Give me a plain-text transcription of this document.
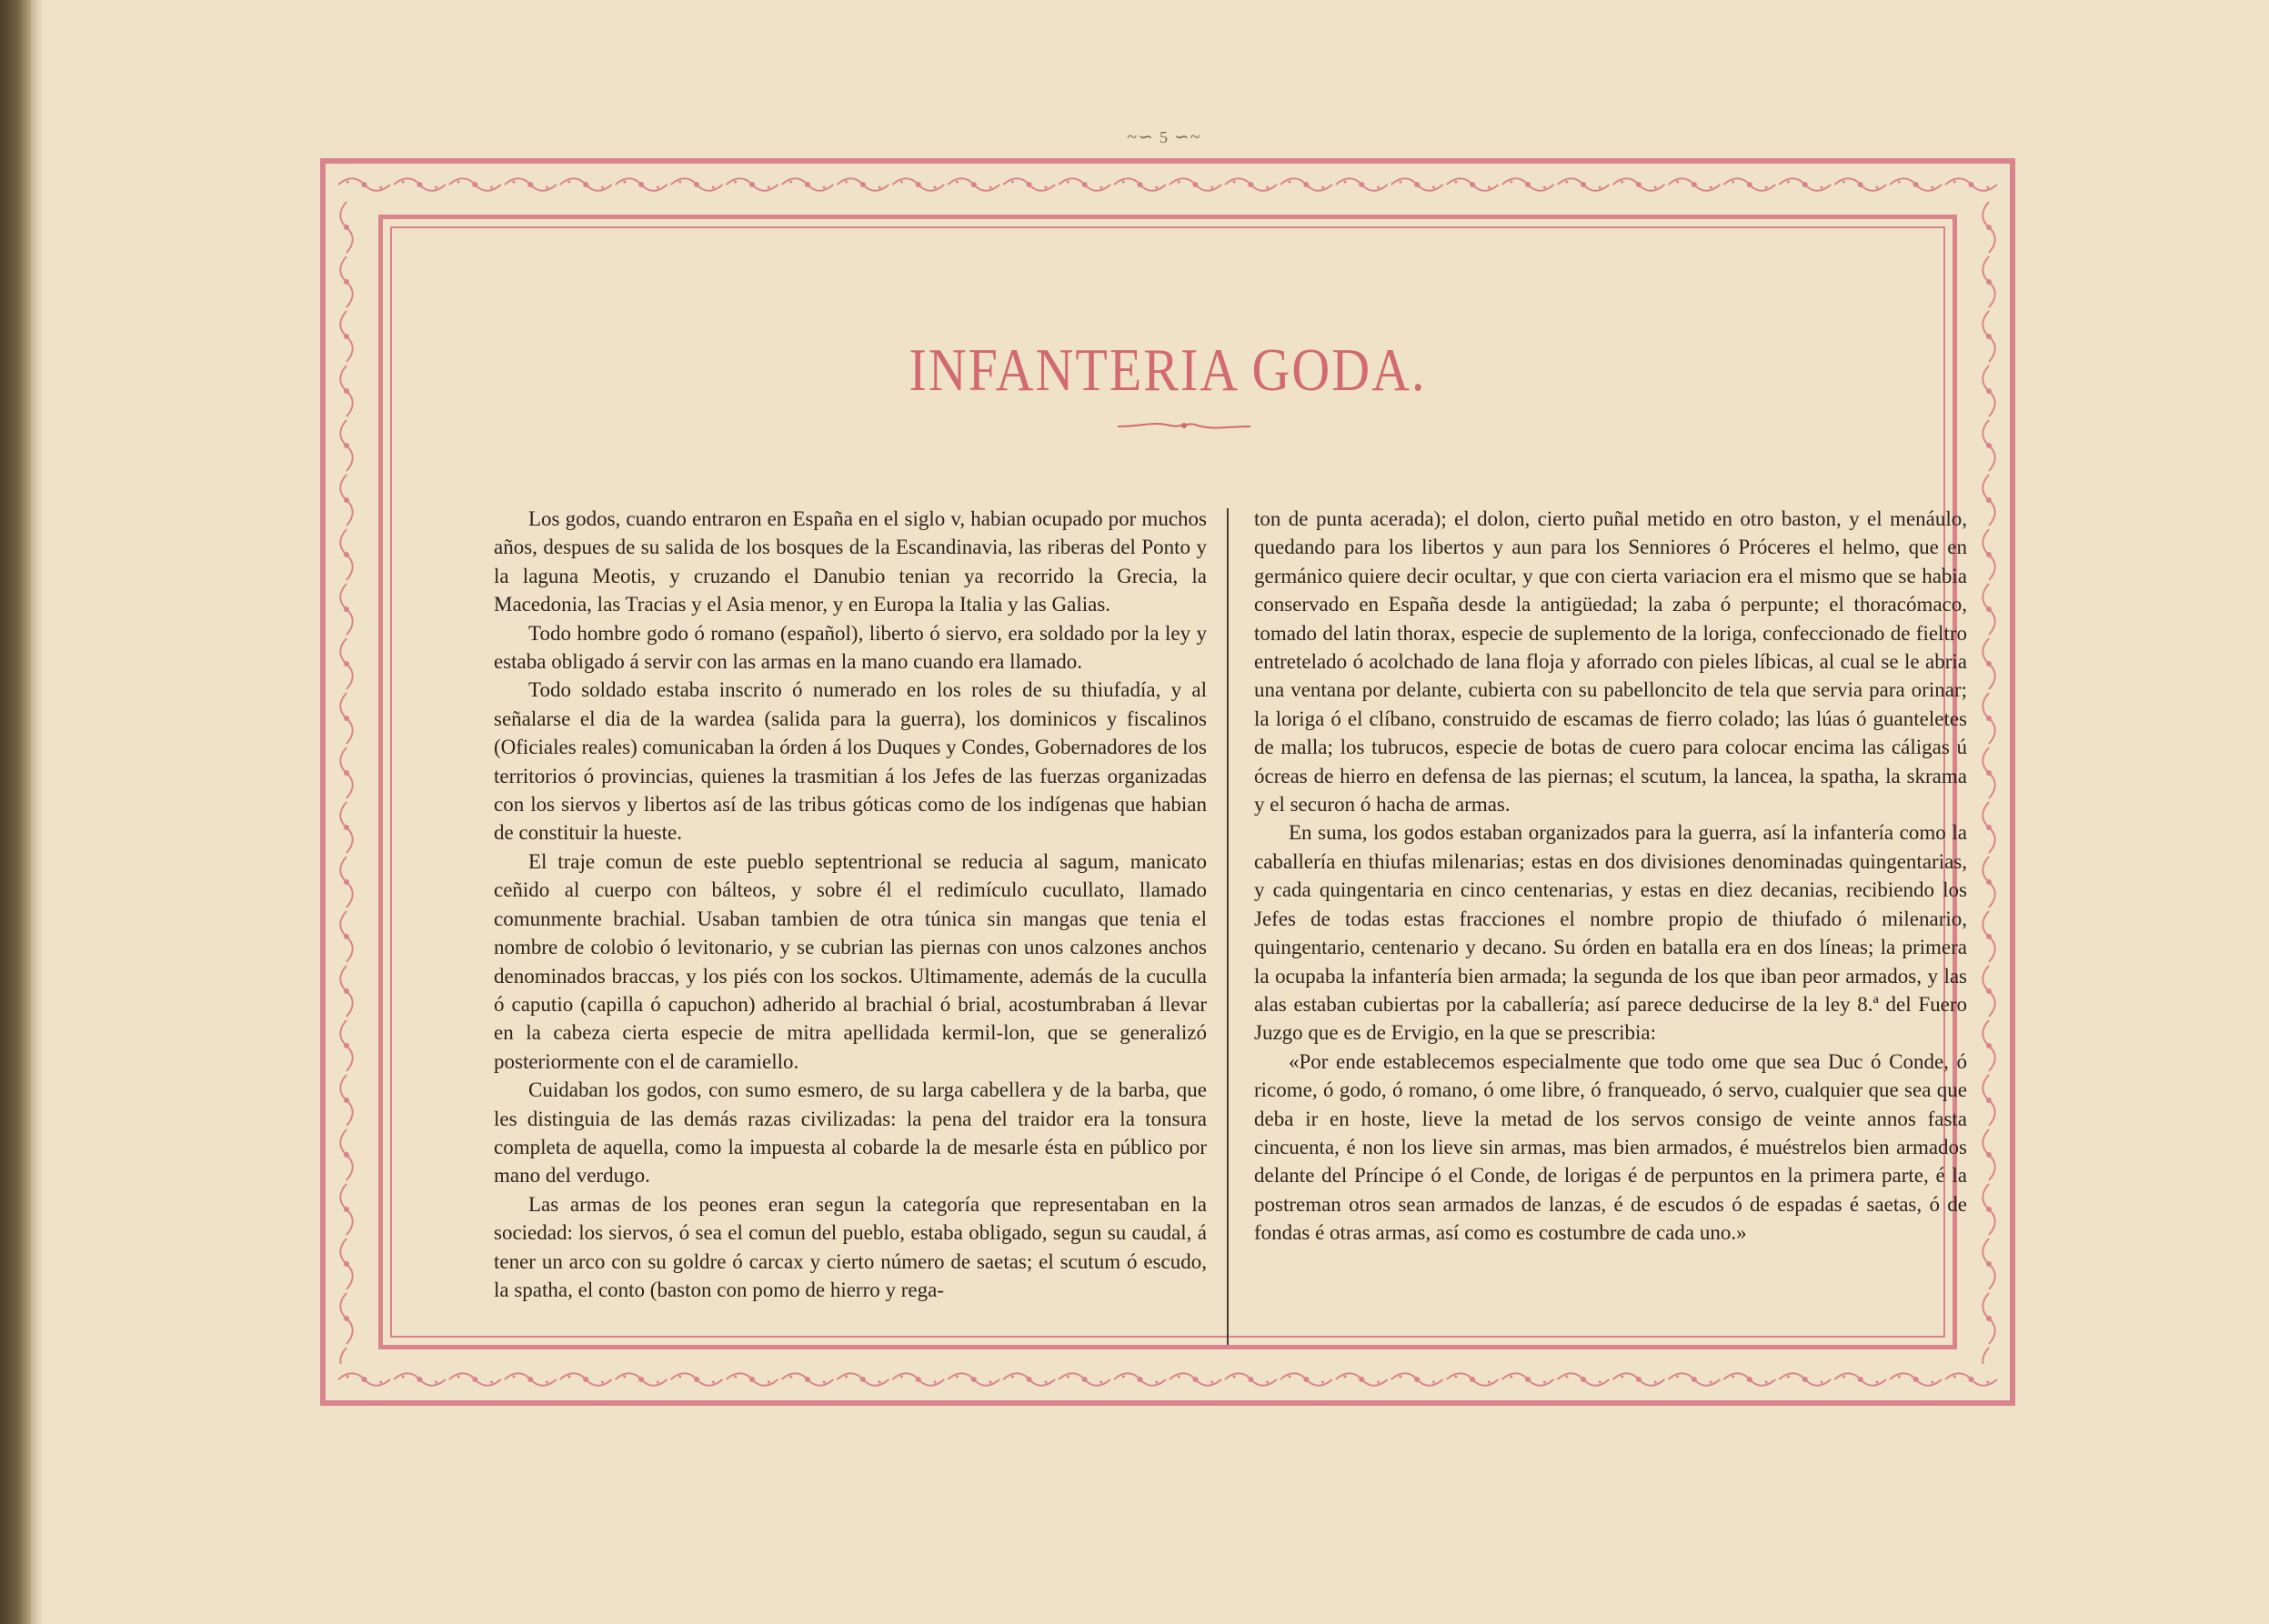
~∽ 5 ∽~
INFANTERIA GODA.

Los godos, cuando entraron en España en el siglo v, habian ocupado por muchos años, despues de su salida de los bosques de la Escandinavia, las riberas del Ponto y la laguna Meotis, y cruzando el Danubio tenian ya recorrido la Grecia, la Macedonia, las Tracias y el Asia menor, y en Europa la Italia y las Galias.

Todo hombre godo ó romano (español), liberto ó siervo, era soldado por la ley y estaba obligado á servir con las armas en la mano cuando era llamado.

Todo soldado estaba inscrito ó numerado en los roles de su thiufadía, y al señalarse el dia de la wardea (salida para la guerra), los dominicos y fiscalinos (Oficiales reales) comunicaban la órden á los Duques y Condes, Gobernadores de los territorios ó provincias, quienes la trasmitian á los Jefes de las fuerzas organizadas con los siervos y libertos así de las tribus góticas como de los indígenas que habian de constituir la hueste.

El traje comun de este pueblo septentrional se reducia al sagum, manicato ceñido al cuerpo con bálteos, y sobre él el redimículo cucullato, llamado comunmente brachial. Usaban tambien de otra túnica sin mangas que tenia el nombre de colobio ó levitonario, y se cubrian las piernas con unos calzones anchos denominados braccas, y los piés con los sockos. Ultimamente, además de la cuculla ó caputio (capilla ó capuchon) adherido al brachial ó brial, acostumbraban á llevar en la cabeza cierta especie de mitra apellidada kermil-lon, que se generalizó posteriormente con el de caramiello.

Cuidaban los godos, con sumo esmero, de su larga cabellera y de la barba, que les distinguia de las demás razas civilizadas: la pena del traidor era la tonsura completa de aquella, como la impuesta al cobarde la de mesarle ésta en público por mano del verdugo.

Las armas de los peones eran segun la categoría que representaban en la sociedad: los siervos, ó sea el comun del pueblo, estaba obligado, segun su caudal, á tener un arco con su goldre ó carcax y cierto número de saetas; el scutum ó escudo, la spatha, el conto (baston con pomo de hierro y rega-

ton de punta acerada); el dolon, cierto puñal metido en otro baston, y el menáulo, quedando para los libertos y aun para los Senniores ó Próceres el helmo, que en germánico quiere decir ocultar, y que con cierta variacion era el mismo que se habia conservado en España desde la antigüedad; la zaba ó perpunte; el thoracómaco, tomado del latin thorax, especie de suplemento de la loriga, confeccionado de fieltro entretelado ó acolchado de lana floja y aforrado con pieles líbicas, al cual se le abria una ventana por delante, cubierta con su pabelloncito de tela que servia para orinar; la loriga ó el clíbano, construido de escamas de fierro colado; las lúas ó guanteletes de malla; los tubrucos, especie de botas de cuero para colocar encima las cáligas ú ócreas de hierro en defensa de las piernas; el scutum, la lancea, la spatha, la skrama y el securon ó hacha de armas.

En suma, los godos estaban organizados para la guerra, así la infantería como la caballería en thiufas milenarias; estas en dos divisiones denominadas quingentarias, y cada quingentaria en cinco centenarias, y estas en diez decanias, recibiendo los Jefes de todas estas fracciones el nombre propio de thiufado ó milenario, quingentario, centenario y decano. Su órden en batalla era en dos líneas; la primera la ocupaba la infantería bien armada; la segunda de los que iban peor armados, y las alas estaban cubiertas por la caballería; así parece deducirse de la ley 8.ª del Fuero Juzgo que es de Ervigio, en la que se prescribia:

«Por ende establecemos especialmente que todo ome que sea Duc ó Conde, ó ricome, ó godo, ó romano, ó ome libre, ó franqueado, ó servo, cualquier que sea que deba ir en hoste, lieve la metad de los servos consigo de veinte annos fasta cincuenta, é non los lieve sin armas, mas bien armados, é muéstrelos bien armados delante del Príncipe ó el Conde, de lorigas é de perpuntos en la primera parte, é la postreman otros sean armados de lanzas, é de escudos ó de espadas é saetas, ó de fondas é otras armas, así como es costumbre de cada uno.»
